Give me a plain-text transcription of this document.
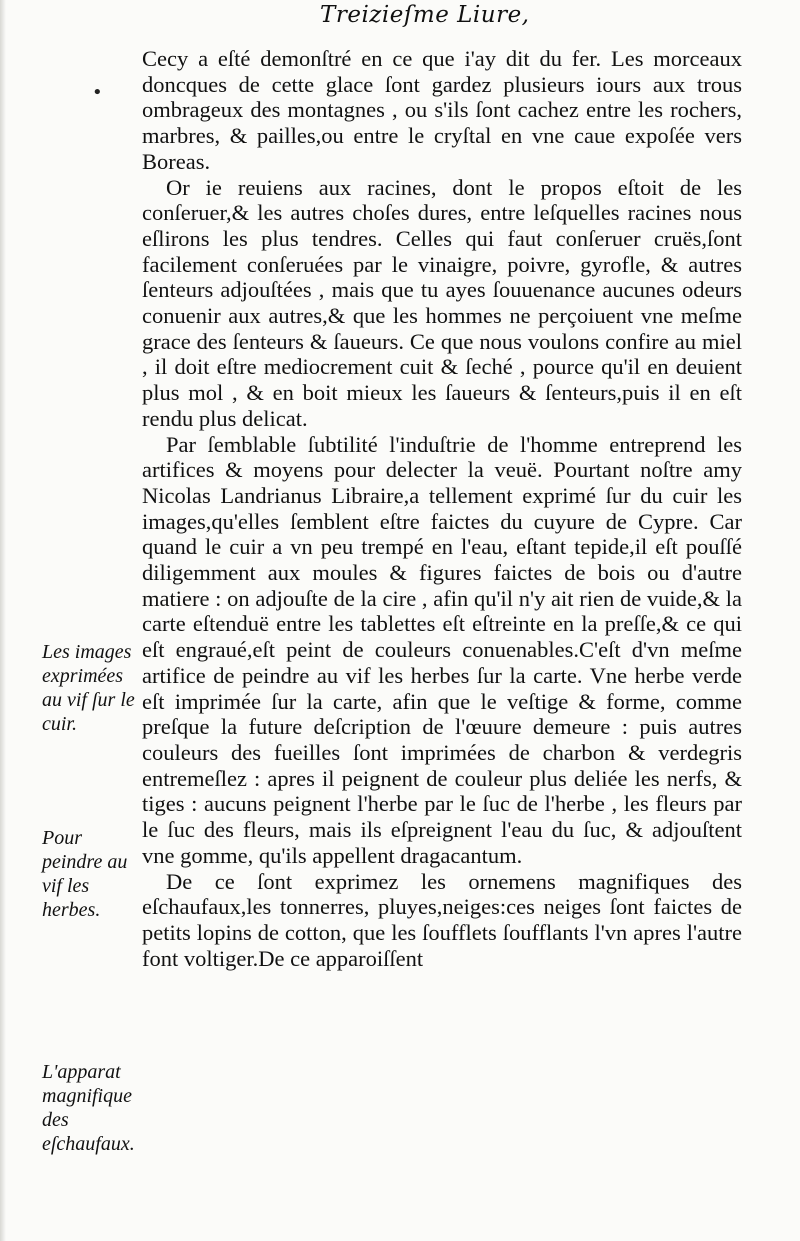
Treizieſme Liure,
•

Cecy a eſté demonſtré en ce que i'ay dit du fer. Les morceaux doncques de cette glace ſont gardez plusieurs iours aux trous ombrageux des montagnes , ou s'ils ſont cachez entre les rochers, marbres, & pailles,ou entre le cryſtal en vne caue expoſée vers Boreas.

Or ie reuiens aux racines, dont le propos eſtoit de les conſeruer,& les autres choſes dures, entre leſquelles racines nous eſlirons les plus tendres. Celles qui faut conſeruer cruës,ſont facilement conſeruées par le vinaigre, poivre, gyrofle, & autres ſenteurs adjouſtées , mais que tu ayes ſouuenance aucunes odeurs conuenir aux autres,& que les hommes ne perçoiuent vne meſme grace des ſenteurs & ſaueurs. Ce que nous voulons confire au miel , il doit eſtre mediocrement cuit & ſeché , pource qu'il en deuient plus mol , & en boit mieux les ſaueurs & ſenteurs,puis il en eſt rendu plus delicat.

Par ſemblable ſubtilité l'induſtrie de l'homme entreprend les artifices & moyens pour delecter la veuë. Pourtant noſtre amy Nicolas Landrianus Libraire,a tellement exprimé ſur du cuir les images,qu'elles ſemblent eſtre faictes du cuyure de Cypre. Car quand le cuir a vn peu trempé en l'eau, eſtant tepide,il eſt pouſſé diligemment aux moules & figures faictes de bois ou d'autre matiere : on adjouſte de la cire , afin qu'il n'y ait rien de vuide,& la carte eſtenduë entre les tablettes eſt eſtreinte en la preſſe,& ce qui eſt engraué,eſt peint de couleurs conuenables.C'eſt d'vn meſme artifice de peindre au vif les herbes ſur la carte. Vne herbe verde eſt imprimée ſur la carte, afin que le veſtige & forme, comme preſque la future deſcription de l'œuure demeure : puis autres couleurs des fueilles ſont imprimées de charbon & verdegris entremeſlez : apres il peignent de couleur plus deliée les nerfs, & tiges : aucuns peignent l'herbe par le ſuc de l'herbe , les fleurs par le ſuc des fleurs, mais ils eſpreignent l'eau du ſuc, & adjouſtent vne gomme, qu'ils appellent dragacantum.

De ce ſont exprimez les ornemens magnifiques des eſchaufaux,les tonnerres, pluyes,neiges:ces neiges ſont faictes de petits lopins de cotton, que les ſoufflets ſoufflants l'vn apres l'autre font voltiger.De ce apparoiſſent

Les images exprimées au vif ſur le cuir.
Pour peindre au vif les herbes.
L'apparat magnifique des eſchaufaux.
